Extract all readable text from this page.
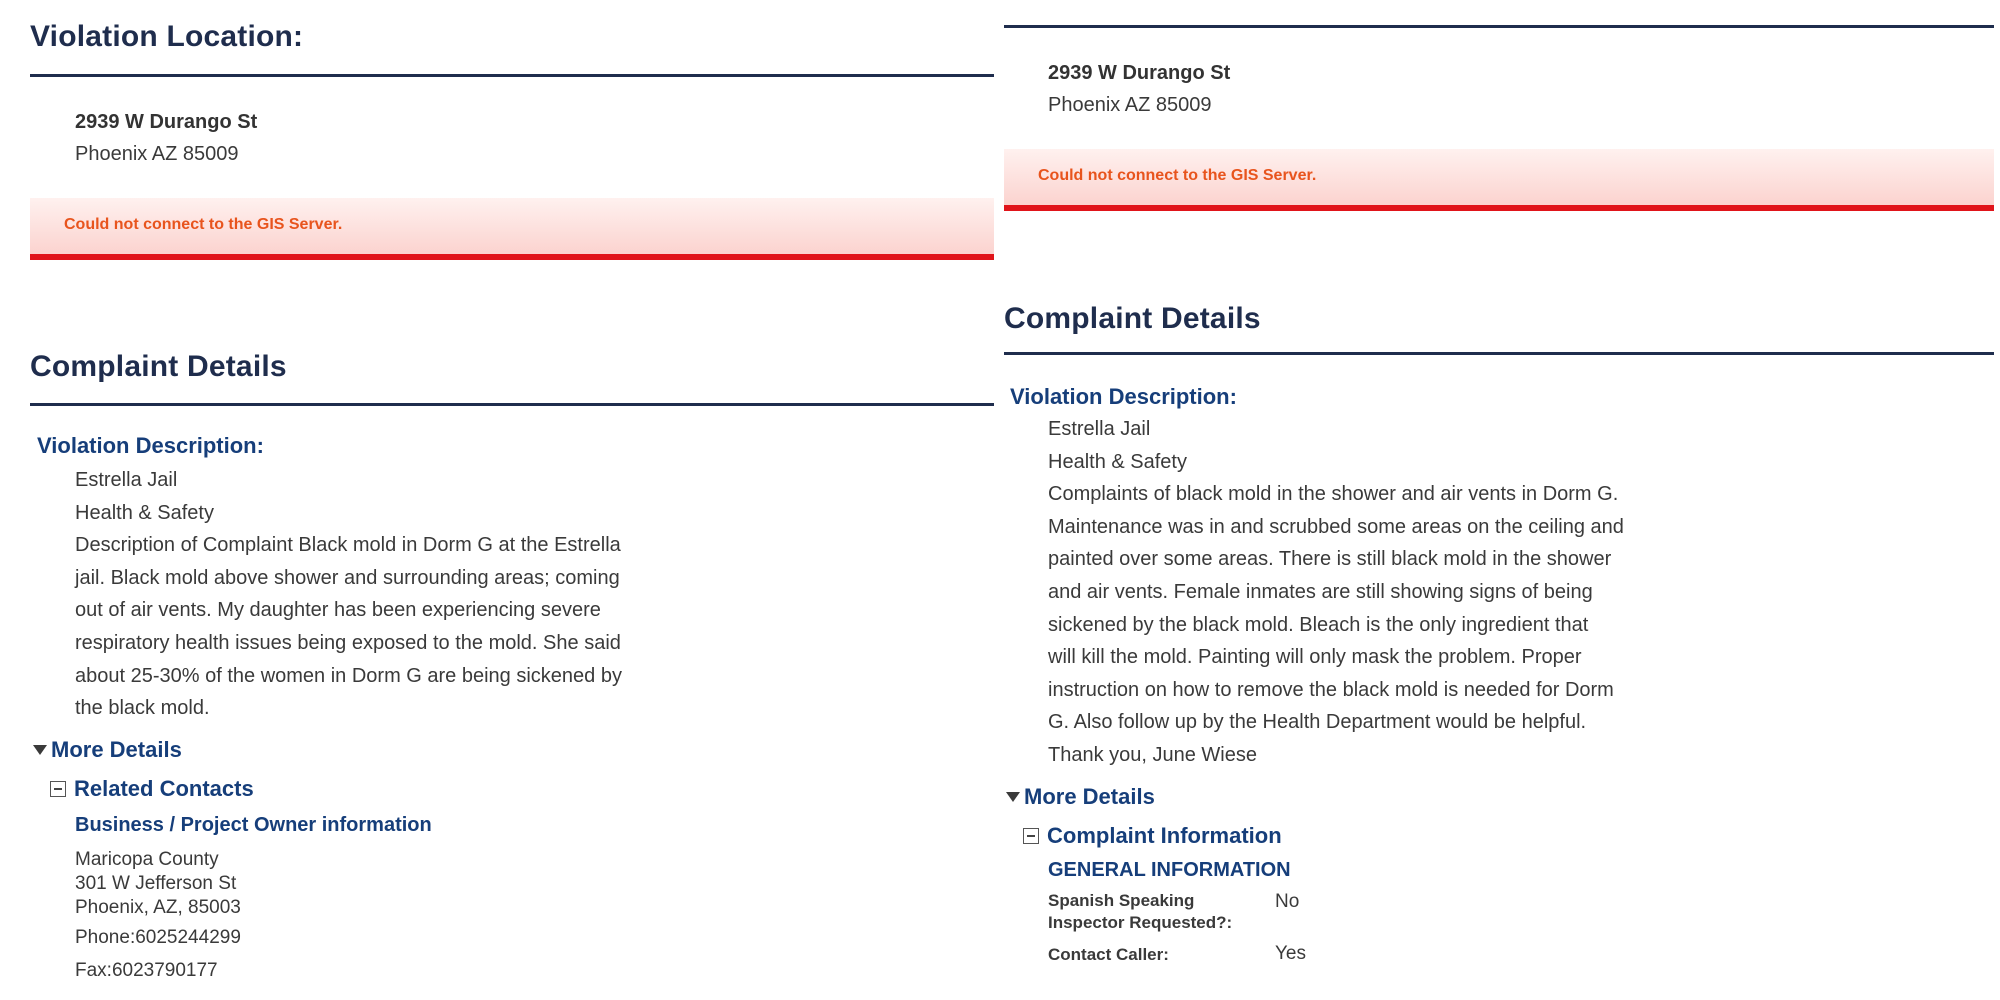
Violation Location:
2939 W Durango St
Phoenix AZ 85009
Could not connect to the GIS Server.
Complaint Details
Violation Description:
Estrella Jail
Health & Safety
Description of Complaint Black mold in Dorm G at the Estrella
jail. Black mold above shower and surrounding areas; coming
out of air vents. My daughter has been experiencing severe
respiratory health issues being exposed to the mold. She said
about 25-30% of the women in Dorm G are being sickened by
the black mold.
More Details
Related Contacts
Business / Project Owner information
Maricopa County
301 W Jefferson St
Phoenix, AZ, 85003
Phone:6025244299
Fax:6023790177
2939 W Durango St
Phoenix AZ 85009
Could not connect to the GIS Server.
Complaint Details
Violation Description:
Estrella Jail
Health & Safety
Complaints of black mold in the shower and air vents in Dorm G.
Maintenance was in and scrubbed some areas on the ceiling and
painted over some areas. There is still black mold in the shower
and air vents. Female inmates are still showing signs of being
sickened by the black mold. Bleach is the only ingredient that
will kill the mold. Painting will only mask the problem. Proper
instruction on how to remove the black mold is needed for Dorm
G. Also follow up by the Health Department would be helpful.
Thank you, June Wiese
More Details
Complaint Information
GENERAL INFORMATION
Spanish Speaking
Inspector Requested?:
No
Contact Caller:	Yes
